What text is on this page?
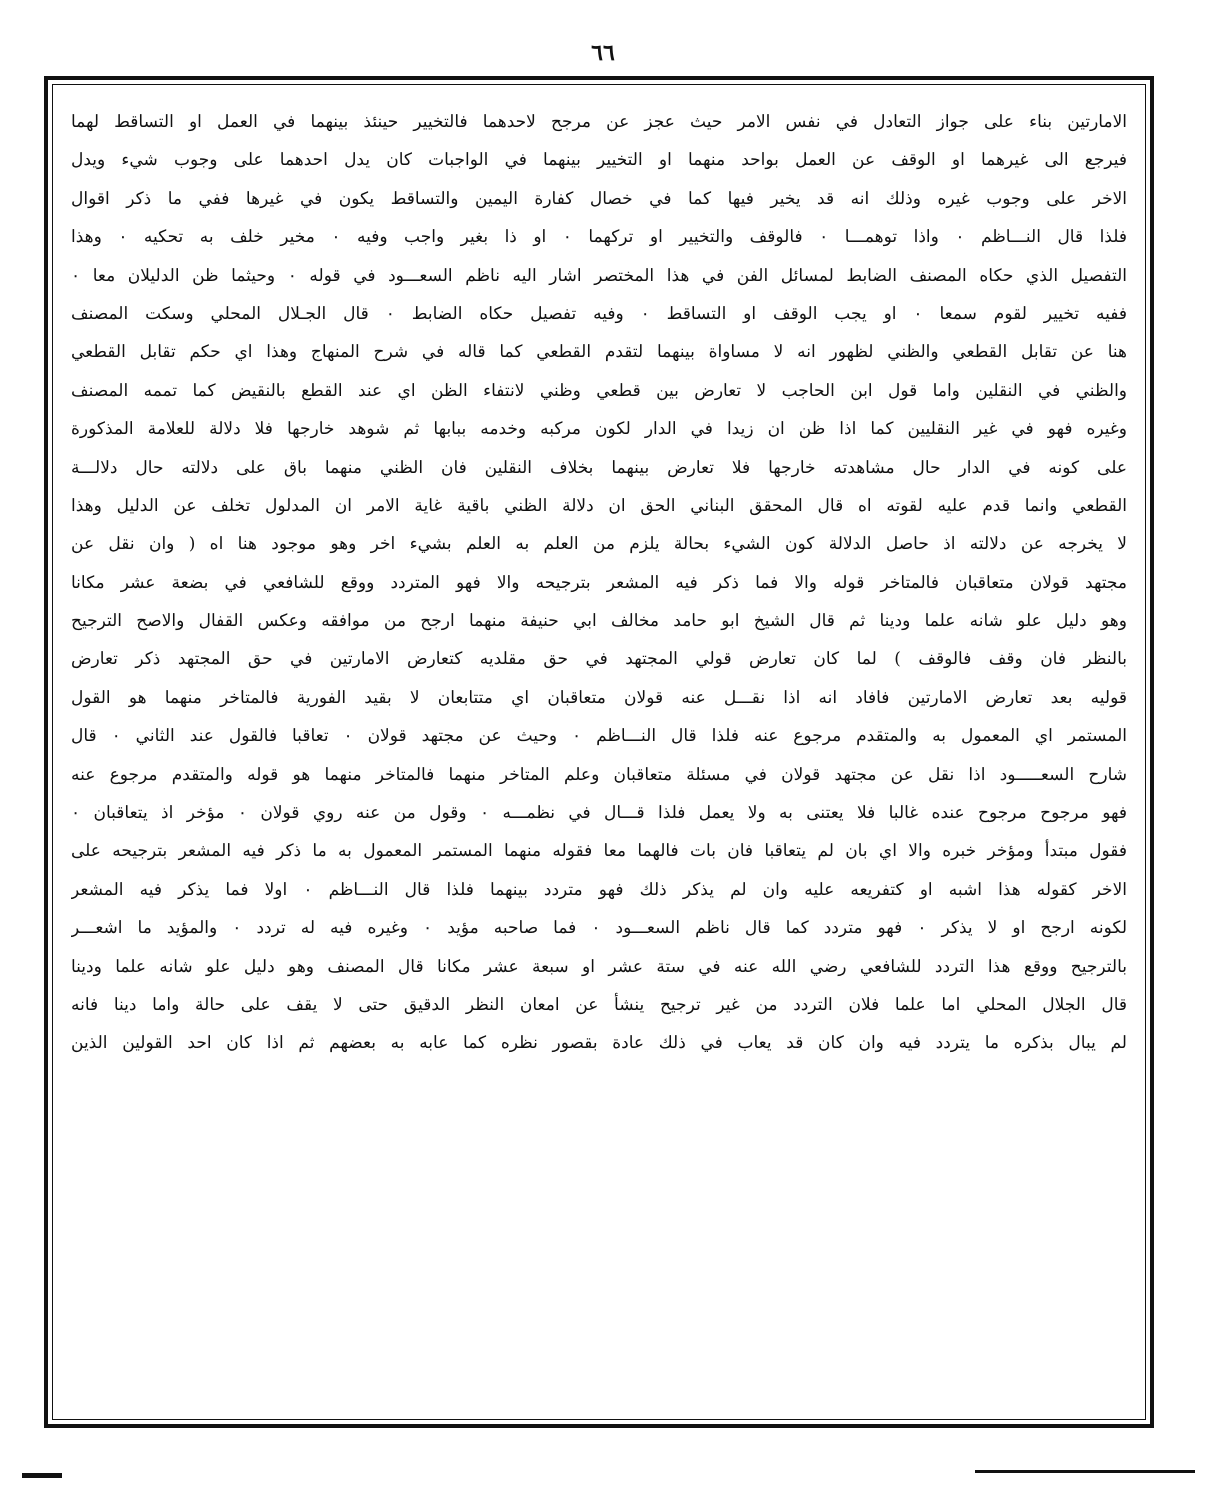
٦٦
الامارتين بناء على جواز التعادل في نفس الامر حيث عجز عن مرجح لاحدهما فالتخيير حينئذ بينهما في العمل او التساقط لهما
فيرجع الى غيرهما او الوقف عن العمل بواحد منهما او التخيير بينهما في الواجبات كان يدل احدهما على وجوب شيء ويدل
الاخر على وجوب غيره وذلك انه قد يخير فيها كما في خصال كفارة اليمين والتساقط يكون في غيرها ففي ما ذكر اقوال
فلذا قال النـــاظم ۰ واذا توهمـــا ۰ فالوقف والتخيير او تركهما ۰ او ذا بغير واجب وفيه ۰ مخير خلف به تحكيه ۰ وهذا
التفصيل الذي حكاه المصنف الضابط لمسائل الفن في هذا المختصر اشار اليه ناظم السعـــود في قوله ۰ وحيثما ظن الدليلان معا ۰
ففيه تخيير لقوم سمعا ۰ او يجب الوقف او التساقط ۰ وفيه تفصيل حكاه الضابط ۰ قال الجـلال المحلي وسكت المصنف
هنا عن تقابل القطعي والظني لظهور انه لا مساواة بينهما لتقدم القطعي كما قاله في شرح المنهاج وهذا اي حكم تقابل القطعي
والظني في النقلين واما قول ابن الحاجب لا تعارض بين قطعي وظني لانتفاء الظن اي عند القطع بالنقيض كما تممه المصنف
وغيره فهو في غير النقليين كما اذا ظن ان زيدا في الدار لكون مركبه وخدمه ببابها ثم شوهد خارجها فلا دلالة للعلامة المذكورة
على كونه في الدار حال مشاهدته خارجها فلا تعارض بينهما بخلاف النقلين فان الظني منهما باق على دلالته حال دلالـــة
القطعي وانما قدم عليه لقوته اه قال المحقق البناني الحق ان دلالة الظني باقية غاية الامر ان المدلول تخلف عن الدليل وهذا
لا يخرجه عن دلالته اذ حاصل الدلالة كون الشيء بحالة يلزم من العلم به العلم بشيء اخر وهو موجود هنا اه ( وان نقل عن
مجتهد قولان متعاقبان فالمتاخر قوله والا فما ذكر فيه المشعر بترجيحه والا فهو المتردد ووقع للشافعي في بضعة عشر مكانا
وهو دليل علو شانه علما ودينا ثم قال الشيخ ابو حامد مخالف ابي حنيفة منهما ارجح من موافقه وعكس القفال والاصح الترجيح
بالنظر فان وقف فالوقف ) لما كان تعارض قولي المجتهد في حق مقلديه كتعارض الامارتين في حق المجتهد ذكر تعارض
قوليه بعد تعارض الامارتين فافاد انه اذا نقـــل عنه قولان متعاقبان اي متتابعان لا بقيد الفورية فالمتاخر منهما هو القول
المستمر اي المعمول به والمتقدم مرجوع عنه فلذا قال النـــاظم ۰ وحيث عن مجتهد قولان ۰ تعاقبا فالقول عند الثاني ۰ قال
شارح السعـــــود اذا نقل عن مجتهد قولان في مسئلة متعاقبان وعلم المتاخر منهما فالمتاخر منهما هو قوله والمتقدم مرجوع عنه
فهو مرجوح مرجوح عنده غالبا فلا يعتنى به ولا يعمل فلذا قـــال في نظمـــه ۰ وقول من عنه روي قولان ۰ مؤخر اذ يتعاقبان ۰
فقول مبتدأ ومؤخر خبره والا اي بان لم يتعاقبا فان بات فالهما معا فقوله منهما المستمر المعمول به ما ذكر فيه المشعر بترجيحه على
الاخر كقوله هذا اشبه او كتفريعه عليه وان لم يذكر ذلك فهو متردد بينهما فلذا قال النـــاظم ۰ اولا فما يذكر فيه المشعر
لكونه ارجح او لا يذكر ۰ فهو متردد كما قال ناظم السعـــود ۰ فما صاحبه مؤيد ۰ وغيره فيه له تردد ۰ والمؤيد ما اشعـــر
بالترجيح ووقع هذا التردد للشافعي رضي الله عنه في ستة عشر او سبعة عشر مكانا قال المصنف وهو دليل علو شانه علما ودينا
قال الجلال المحلي اما علما فلان التردد من غير ترجيح ينشأ عن امعان النظر الدقيق حتى لا يقف على حالة واما دينا فانه
لم يبال بذكره ما يتردد فيه وان كان قد يعاب في ذلك عادة بقصور نظره كما عابه به بعضهم ثم اذا كان احد القولين الذين
